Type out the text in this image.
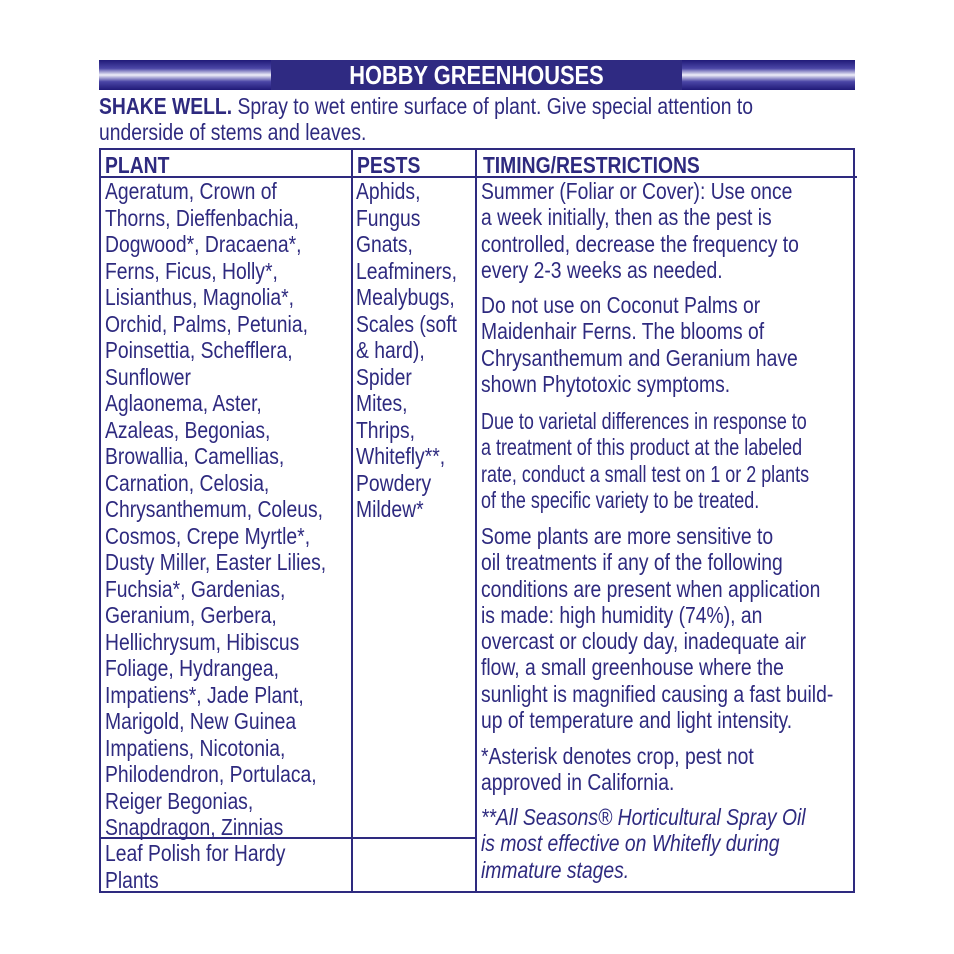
HOBBY GREENHOUSES
SHAKE WELL. Spray to wet entire surface of plant. Give special attention to
underside of stems and leaves.
PLANT	PESTS	TIMING/RESTRICTIONS
Ageratum, Crown of
Thorns, Dieffenbachia,
Dogwood*, Dracaena*,
Ferns, Ficus, Holly*,
Lisianthus, Magnolia*,
Orchid, Palms, Petunia,
Poinsettia, Schefflera,
Sunflower
Aglaonema, Aster,
Azaleas, Begonias,
Browallia, Camellias,
Carnation, Celosia,
Chrysanthemum, Coleus,
Cosmos, Crepe Myrtle*,
Dusty Miller, Easter Lilies,
Fuchsia*, Gardenias,
Geranium, Gerbera,
Hellichrysum, Hibiscus
Foliage, Hydrangea,
Impatiens*, Jade Plant,
Marigold, New Guinea
Impatiens, Nicotonia,
Philodendron, Portulaca,
Reiger Begonias,
Snapdragon, Zinnias
Aphids,
Fungus
Gnats,
Leafminers,
Mealybugs,
Scales (soft
& hard),
Spider
Mites,
Thrips,
Whitefly**,
Powdery
Mildew*
Leaf Polish for Hardy
Plants
Summer (Foliar or Cover): Use once
a week initially, then as the pest is
controlled, decrease the frequency to
every 2-3 weeks as needed.
Do not use on Coconut Palms or
Maidenhair Ferns. The blooms of
Chrysanthemum and Geranium have
shown Phytotoxic symptoms.
Due to varietal differences in response to
a treatment of this product at the labeled
rate, conduct a small test on 1 or 2 plants
of the specific variety to be treated.
Some plants are more sensitive to
oil treatments if any of the following
conditions are present when application
is made: high humidity (74%), an
overcast or cloudy day, inadequate air
flow, a small greenhouse where the
sunlight is magnified causing a fast build-
up of temperature and light intensity.
*Asterisk denotes crop, pest not
approved in California.
**All Seasons® Horticultural Spray Oil
is most effective on Whitefly during
immature stages.
